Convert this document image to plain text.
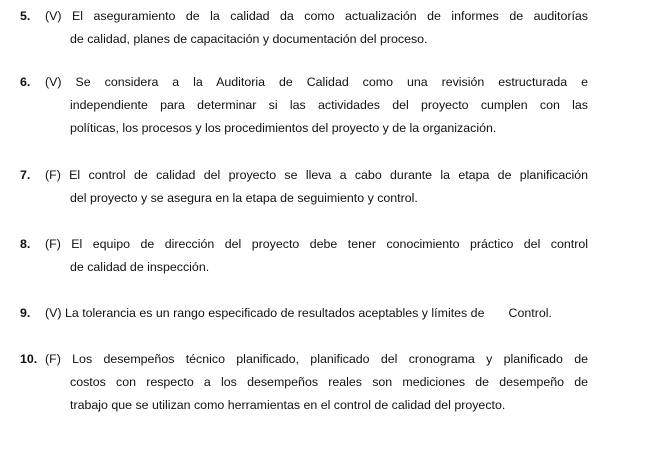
5. (V) El aseguramiento de la calidad da como actualización de informes de auditorías
de calidad, planes de capacitación y documentación del proceso.
6. (V) Se considera a la Auditoria de Calidad como una revisión estructurada e
independiente para determinar si las actividades del proyecto cumplen con las
políticas, los procesos y los procedimientos del proyecto y de la organización.
7. (F) El control de calidad del proyecto se lleva a cabo durante la etapa de planificación
del proyecto y se asegura en la etapa de seguimiento y control.
8. (F) El equipo de dirección del proyecto debe tener conocimiento práctico del control
de calidad de inspección.
9. (V) La tolerancia es un rango especificado de resultados aceptables y límites de       Control.
10. (F) Los desempeños técnico planificado, planificado del cronograma y planificado de
costos con respecto a los desempeños reales son mediciones de desempeño de
trabajo que se utilizan como herramientas en el control de calidad del proyecto.
